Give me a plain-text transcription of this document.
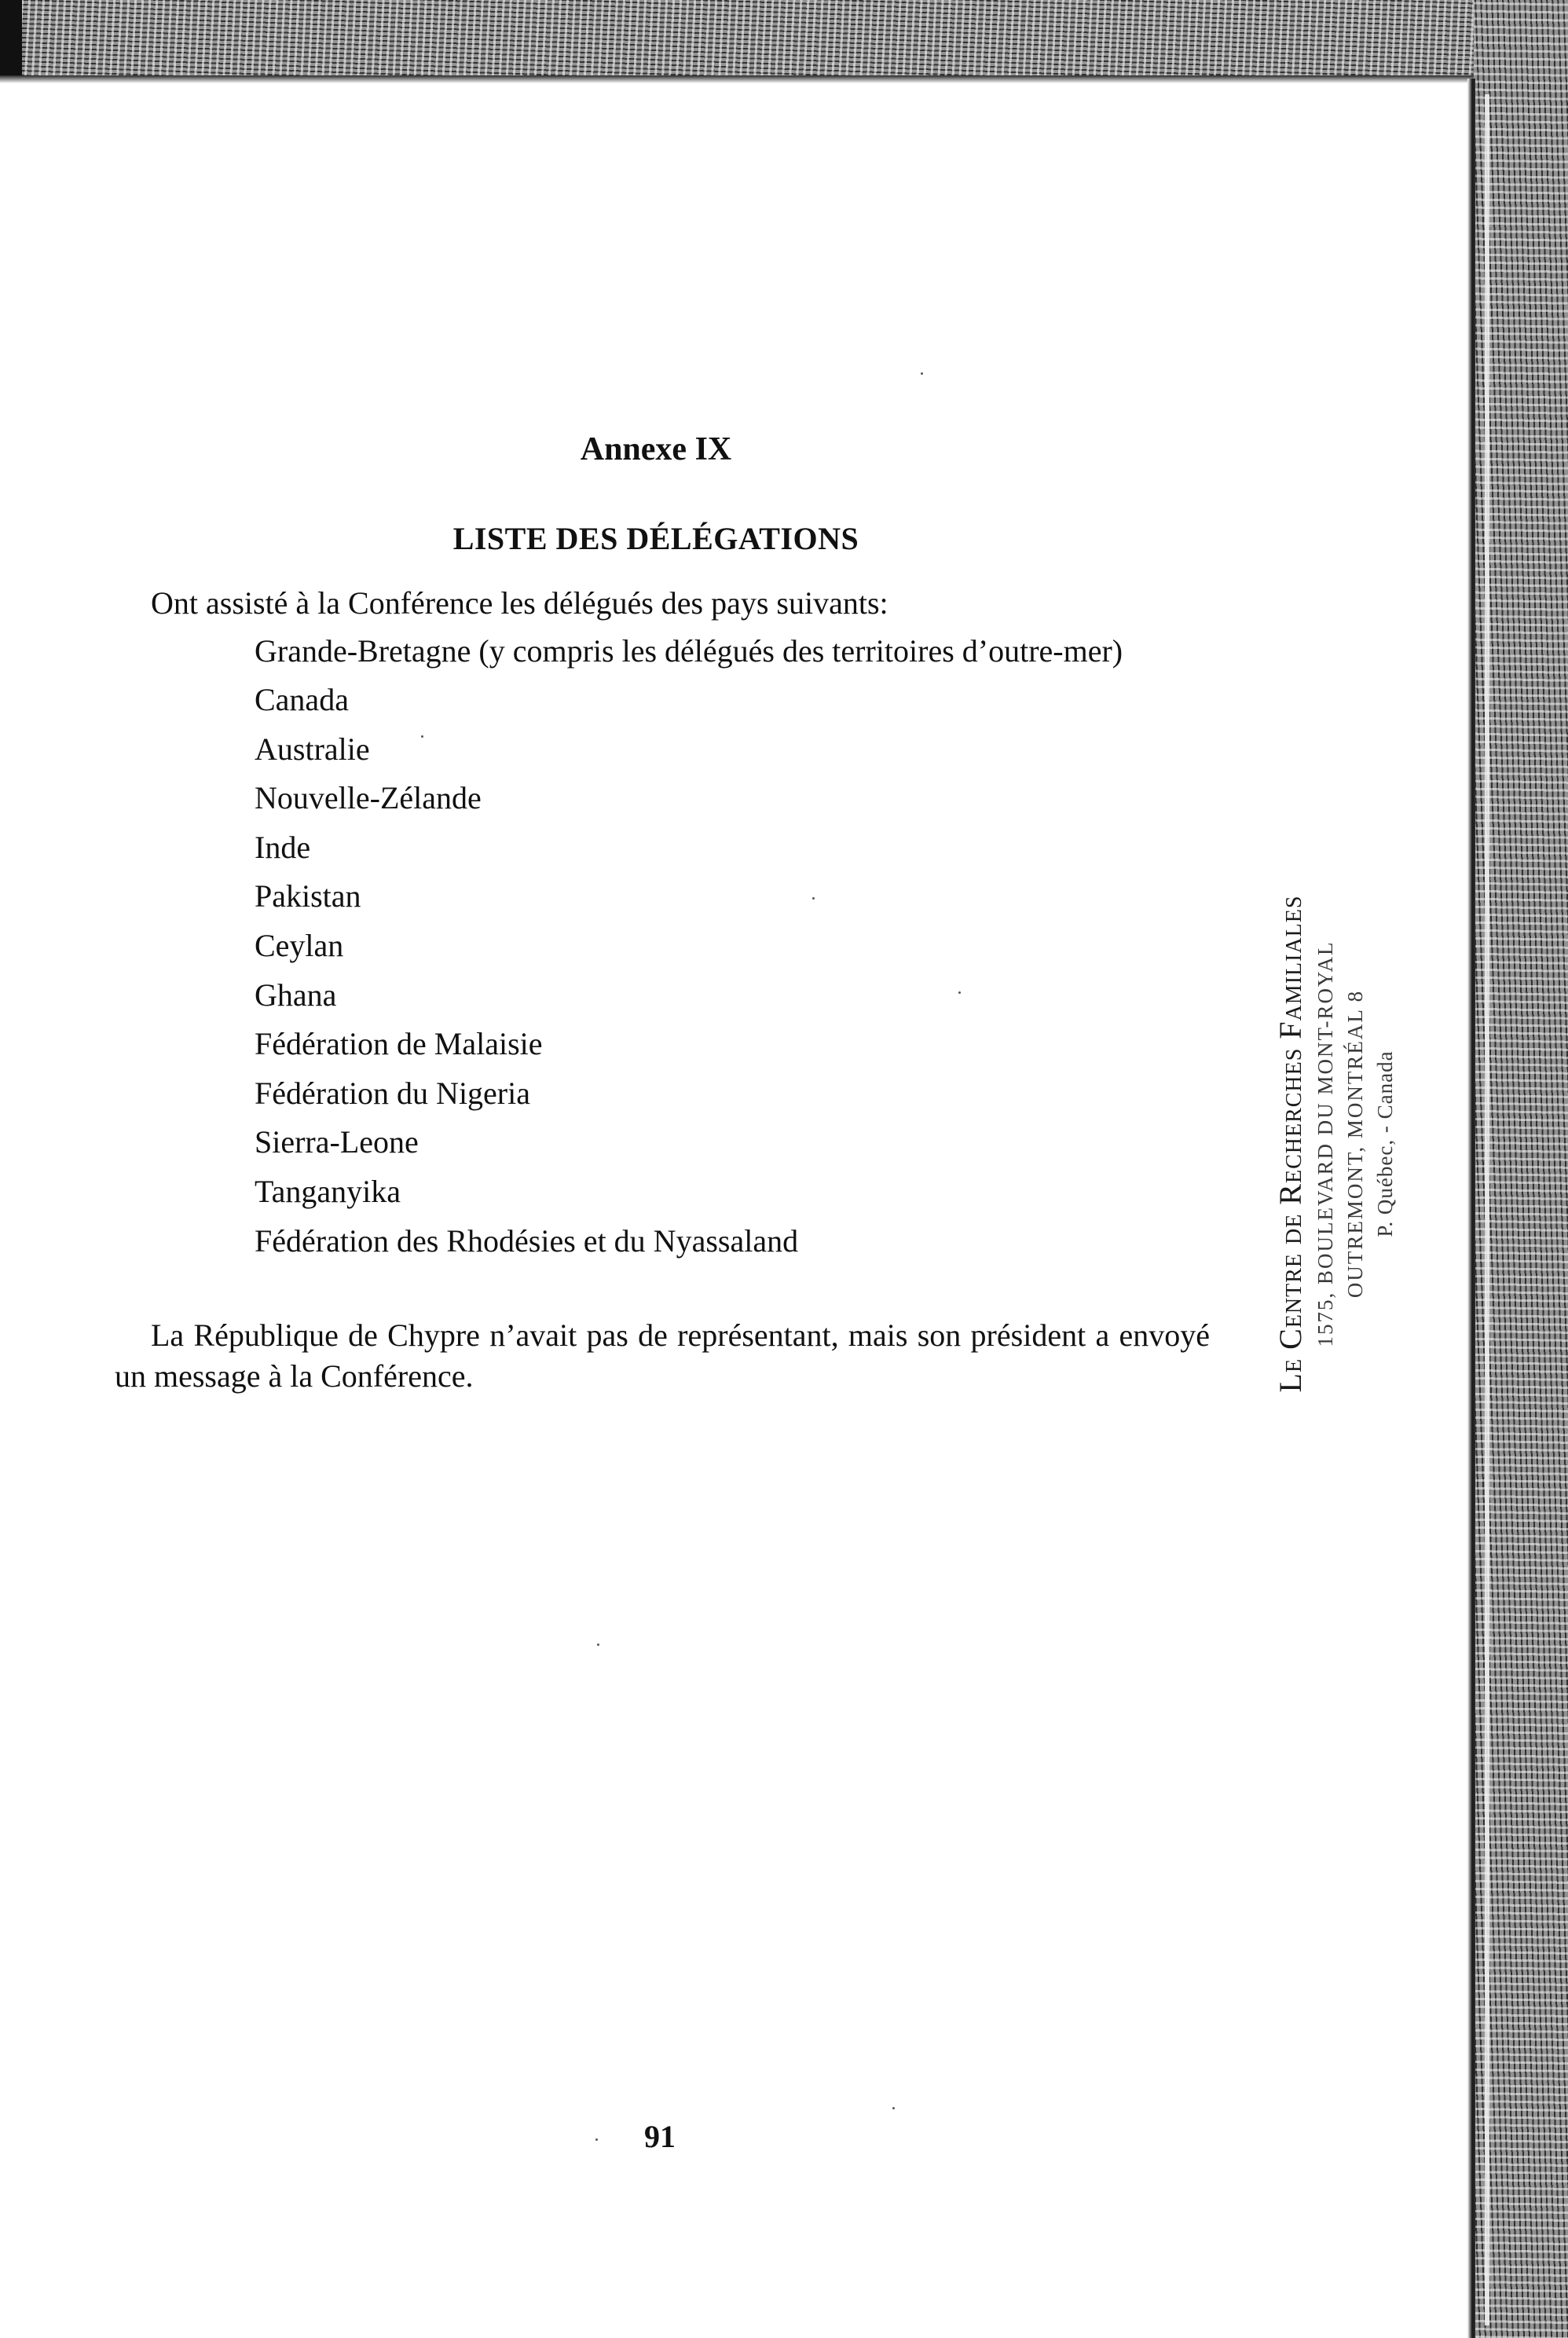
Annexe IX
LISTE DES DÉLÉGATIONS
Ont assisté à la Conférence les délégués des pays suivants:
Grande-Bretagne (y compris les délégués des territoires d’outre-mer)
Canada
Australie
Nouvelle-Zélande
Inde
Pakistan
Ceylan
Ghana
Fédération de Malaisie
Fédération du Nigeria
Sierra-Leone
Tanganyika
Fédération des Rhodésies et du Nyassaland
La République de Chypre n’avait pas de représentant, mais son président a envoyé un message à la Conférence.
91
Le Centre de Recherches Familiales 1575, BOULEVARD DU MONT-ROYAL OUTREMONT, MONTRÉAL 8 P. Québec, - Canada
